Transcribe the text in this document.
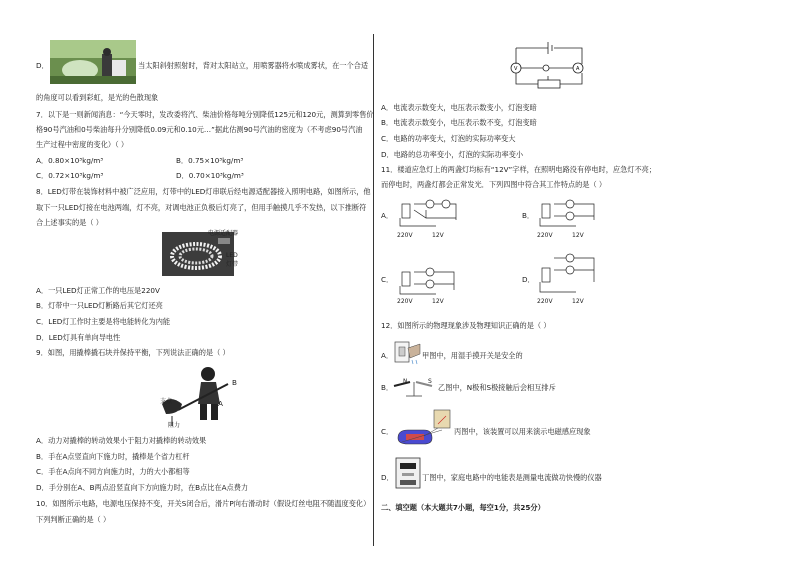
D．	当太阳斜射照射时，背对太阳站立，用喷雾器将水喷成雾状，在一个合适
的角度可以看到彩虹，是光的色散现象
7．以下是一则新闻消息：“今天零时，发改委将汽、柴油价格每吨分别降低125元和120元，测算到零售价
格90号汽油和0号柴油每升分别降低0.09元和0.10元…”据此估测90号汽油的密度为（不考虑90号汽油
生产过程中密度的变化）（ ）
A．0.80×10³kg/m³	B．0.75×10³kg/m³
C．0.72×10³kg/m³	D．0.70×10³kg/m³
8．LED灯带在装饰材料中被广泛应用，灯带中的LED灯串联后经电源适配器接入照明电路，如图所示，他
取下一只LED灯接在电池两端，灯不亮，对调电池正负极后灯亮了，但用手触摸几乎不发热，以下推断符
合上述事实的是（ ）
电源适配器
LED
灯带
A．一只LED灯正常工作的电压是220V
B．灯带中一只LED灯断路后其它灯还亮
C．LED灯工作时主要是将电能转化为内能
D．LED灯具有单向导电性
9．如图，用撬棒撬石块并保持平衡，下列说法正确的是（ ）
B
A
支点
阻力
A．动力对撬棒的转动效果小于阻力对撬棒的转动效果
B．手在A点竖直向下施力时，撬棒是个省力杠杆
C．手在A点向不同方向施力时，力的大小都相等
D．手分别在A、B两点沿竖直向下方向施力时，在B点比在A点费力
10．如图所示电路，电源电压保持不变，开关S闭合后，滑片P向右滑动时（假设灯丝电阻不随温度变化）
下列判断正确的是（ ）
V	A
A．电流表示数变大，电压表示数变小，灯泡变暗
B．电流表示数变小，电压表示数不变，灯泡变暗
C．电路的功率变大，灯泡的实际功率变大
D．电路的总功率变小，灯泡的实际功率变小
11．楼道应急灯上的两盏灯均标有“12V”字样，在照明电路没有停电时，应急灯不亮；
而停电时，两盏灯都会正常发光．下列四图中符合其工作特点的是（ ）
A．
220V	12V
B．
220V	12V
C．
220V	12V
D．
220V	12V
12．如图所示的物理现象涉及物理知识正确的是（ ）
A．	甲图中，用湿手摸开关是安全的
B．
N	S
乙图中，N极和S极接触后会相互排斥
C．	丙图中，该装置可以用来演示电磁感应现象
D．	丁图中，家庭电路中的电能表是测量电流做功快慢的仪器
二、填空题（本大题共7小题，每空1分，共25分）
